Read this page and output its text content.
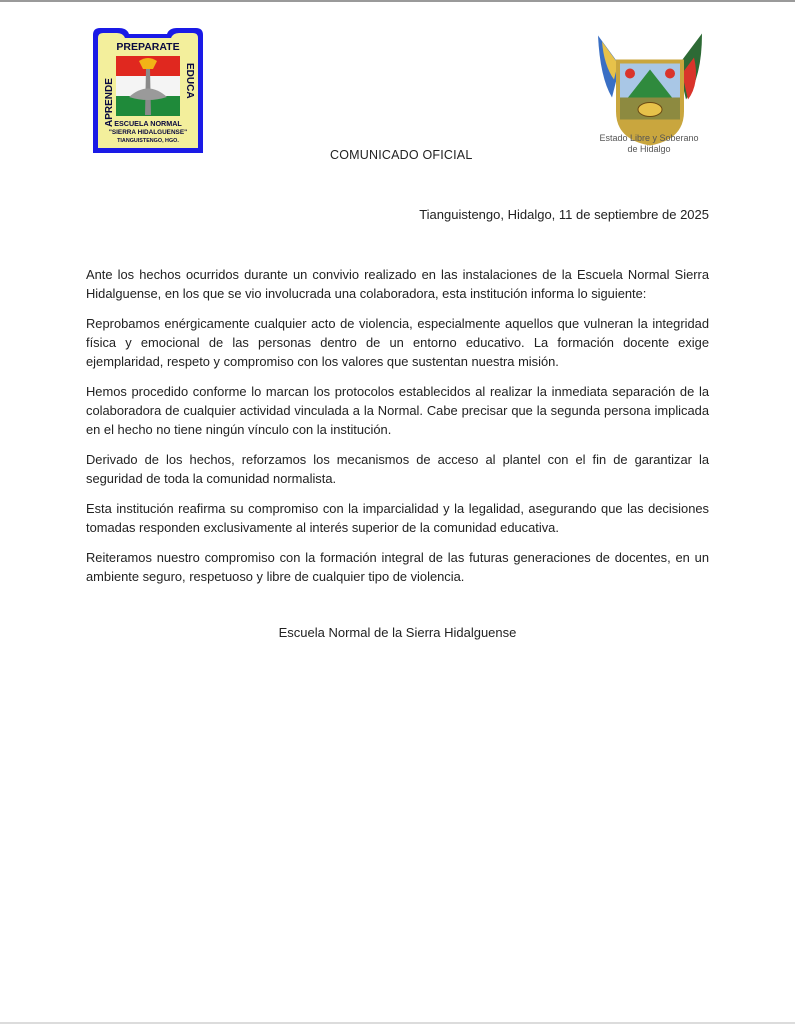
PREPARATE
APRENDE	EDUCA
ESCUELA NORMAL
"SIERRA HIDALGUENSE"
TIANGUISTENGO, HGO.	Estado Libre y Soberano
de Hidalgo
COMUNICADO OFICIAL
Tianguistengo, Hidalgo, 11 de septiembre de 2025

Ante los hechos ocurridos durante un convivio realizado en las instalaciones de la Escuela Normal Sierra Hidalguense, en los que se vio involucrada una colaboradora, esta institución informa lo siguiente:

Reprobamos enérgicamente cualquier acto de violencia, especialmente aquellos que vulneran la integridad física y emocional de las personas dentro de un entorno educativo. La formación docente exige ejemplaridad, respeto y compromiso con los valores que sustentan nuestra misión.

Hemos procedido conforme lo marcan los protocolos establecidos al realizar la inmediata separación de la colaboradora de cualquier actividad vinculada a la Normal. Cabe precisar que la segunda persona implicada en el hecho no tiene ningún vínculo con la institución.

Derivado de los hechos, reforzamos los mecanismos de acceso al plantel con el fin de garantizar la seguridad de toda la comunidad normalista.

Esta institución reafirma su compromiso con la imparcialidad y la legalidad, asegurando que las decisiones tomadas responden exclusivamente al interés superior de la comunidad educativa.

Reiteramos nuestro compromiso con la formación integral de las futuras generaciones de docentes, en un ambiente seguro, respetuoso y libre de cualquier tipo de violencia.

Escuela Normal de la Sierra Hidalguense
